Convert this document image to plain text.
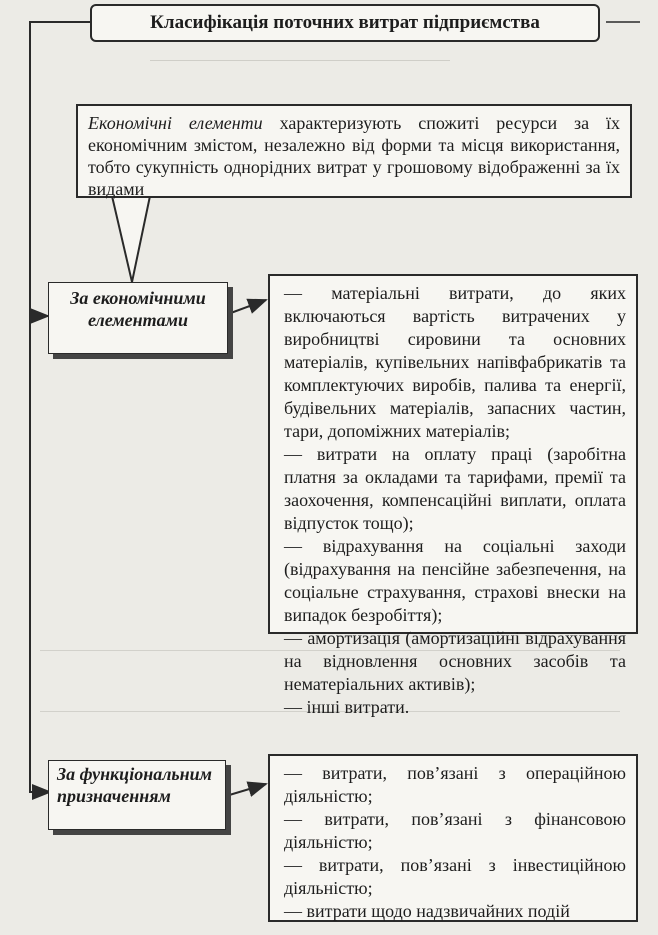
Класифікація поточних витрат підприємства
Економічні елементи характеризують спожиті ресурси за їх економічним змістом, незалежно від форми та місця використання, тобто сукупність однорідних витрат у грошовому відображенні за їх видами
За економічними елементами

— матеріальні витрати, до яких включаються вартість витрачених у виробництві сировини та основних матеріалів, купівельних напівфабрикатів та комплектуючих виробів, палива та енергії, будівельних матеріалів, запасних частин, тари, допоміжних матеріалів;

— витрати на оплату праці (заробітна платня за окладами та тарифами, премії та заохочення, компенсаційні виплати, оплата відпусток тощо);

— відрахування на соціальні заходи (відрахування на пенсійне забезпечення, на соціальне страхування, страхові внески на випадок безробіття);

— амортизація (амортизаційні відрахування на відновлення основних засобів та нематеріальних активів);

— інші витрати.

За функціональним призначенням

— витрати, пов’язані з операційною діяльністю;

— витрати, пов’язані з фінансовою діяльністю;

— витрати, пов’язані з інвестиційною діяльністю;

— витрати щодо надзвичайних подій
